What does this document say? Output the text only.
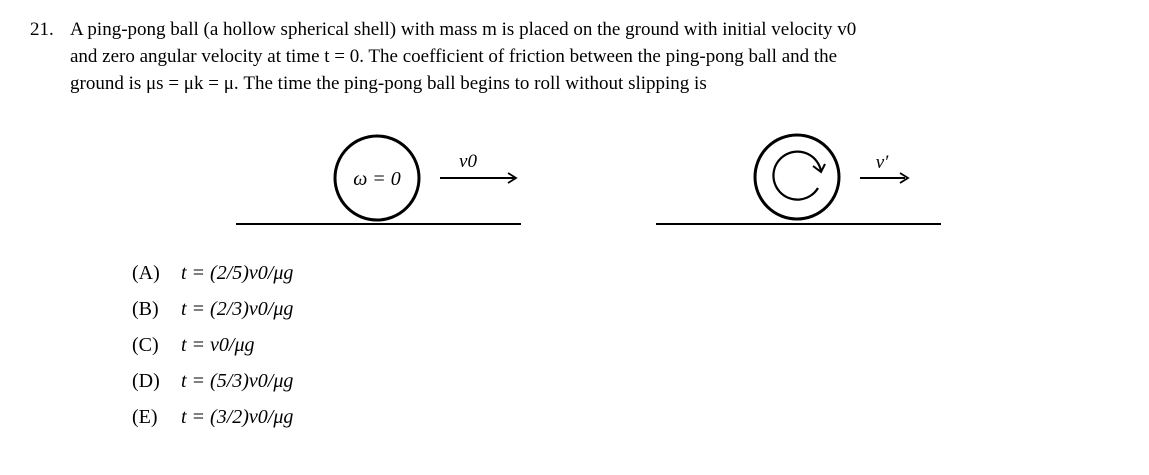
21. A ping-pong ball (a hollow spherical shell) with mass m is placed on the ground with initial velocity v0
and zero angular velocity at time t = 0. The coefficient of friction between the ping-pong ball and the
ground is μs = μk = μ. The time the ping-pong ball begins to roll without slipping is
ω = 0
v0	v′
(A) t = (2/5)v0/μg
(B) t = (2/3)v0/μg
(C) t = v0/μg
(D) t = (5/3)v0/μg
(E) t = (3/2)v0/μg
